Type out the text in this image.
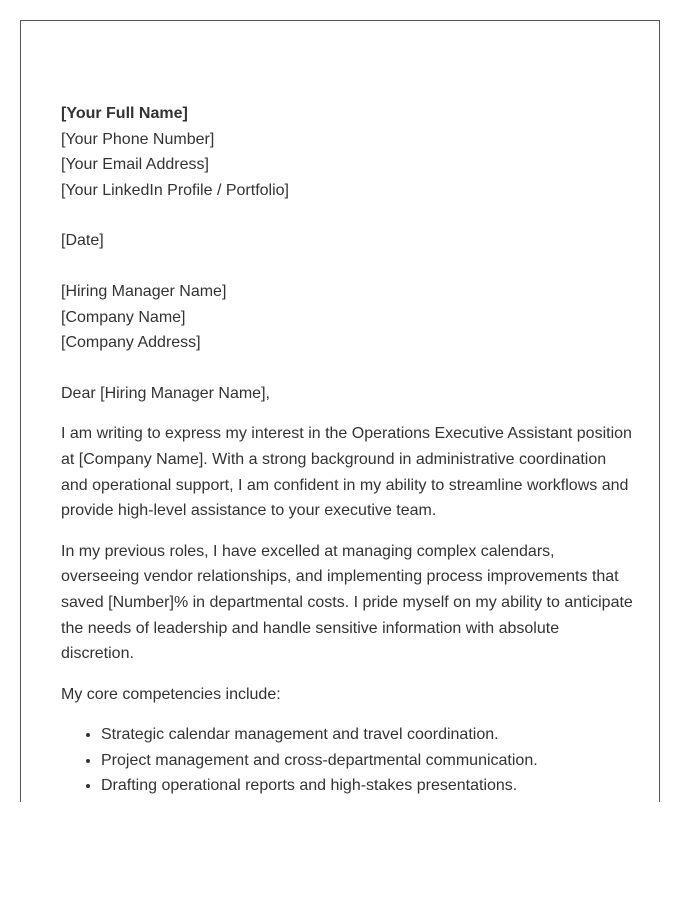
[Your Full Name]
[Your Phone Number]
[Your Email Address]
[Your LinkedIn Profile / Portfolio]
[Date]
[Hiring Manager Name]
[Company Name]
[Company Address]
Dear [Hiring Manager Name],

I am writing to express my interest in the Operations Executive Assistant position at [Company Name]. With a strong background in administrative coordination and operational support, I am confident in my ability to streamline workflows and provide high-level assistance to your executive team.

In my previous roles, I have excelled at managing complex calendars, overseeing vendor relationships, and implementing process improvements that saved [Number]% in departmental costs. I pride myself on my ability to anticipate the needs of leadership and handle sensitive information with absolute discretion.

My core competencies include:

• Strategic calendar management and travel coordination.
• Project management and cross-departmental communication.
• Drafting operational reports and high-stakes presentations.
